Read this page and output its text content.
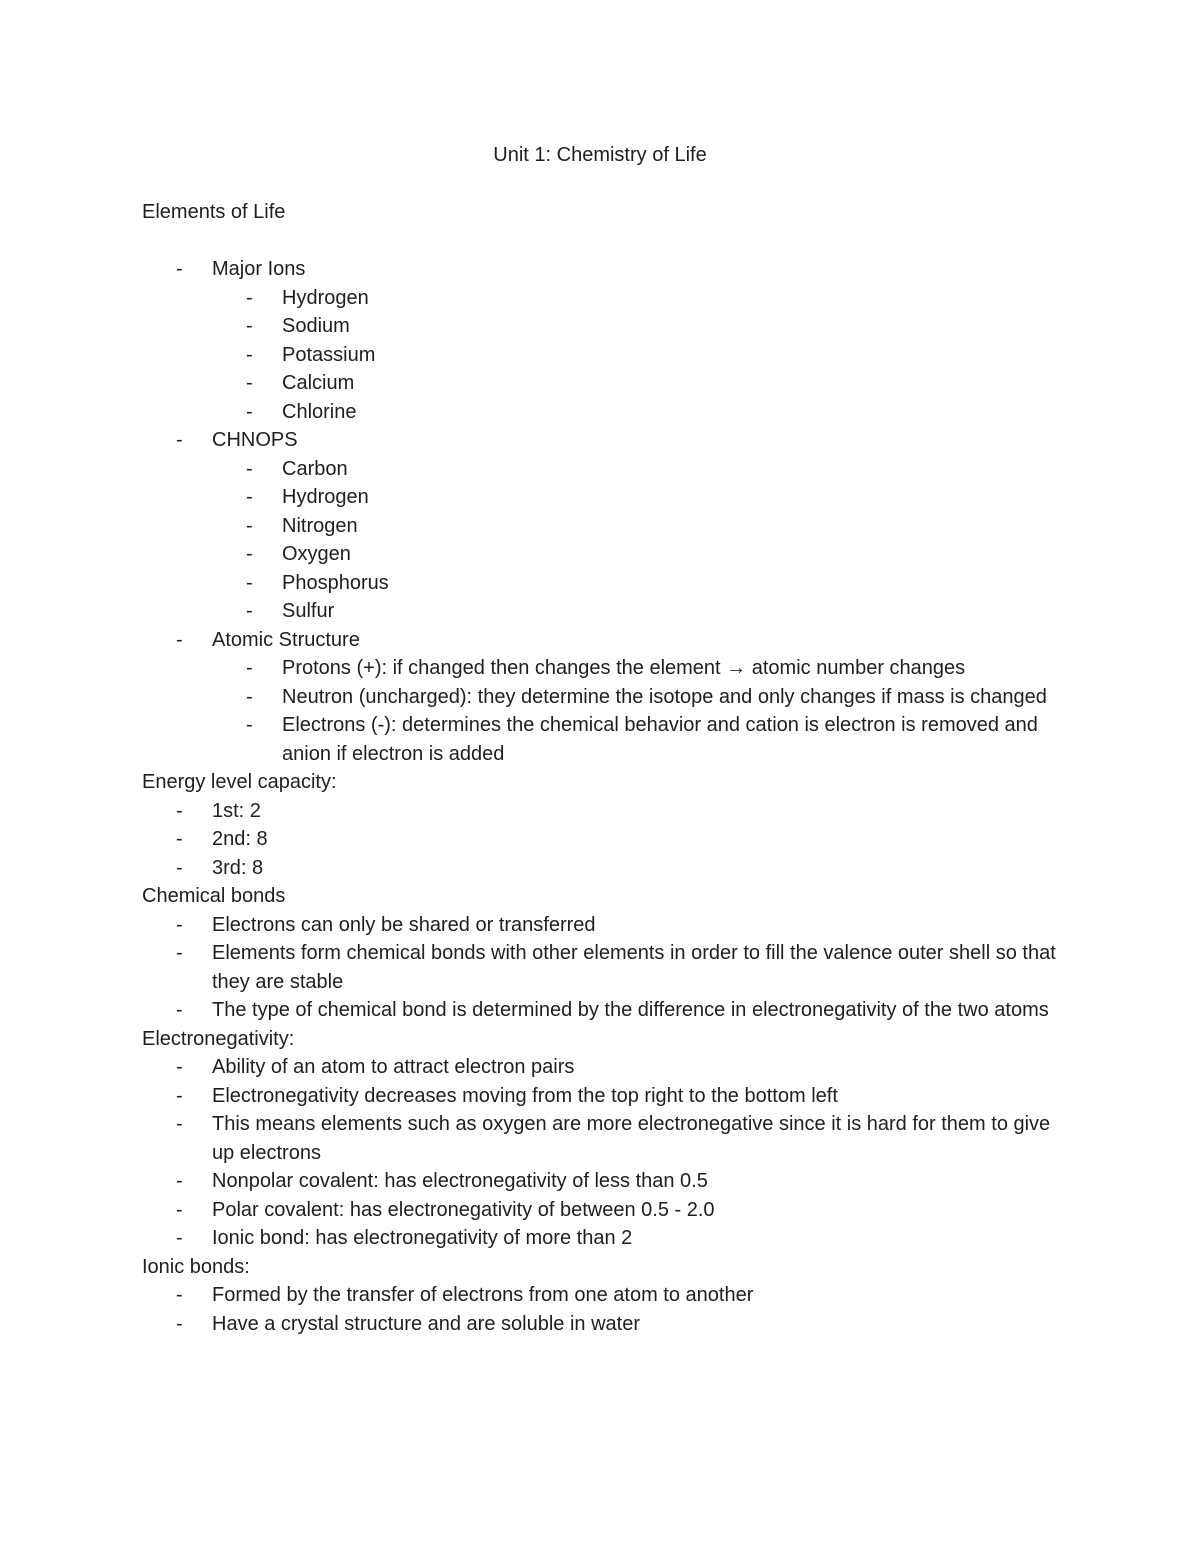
Unit 1: Chemistry of Life

Elements of Life

- Major Ions
- Hydrogen
- Sodium
- Potassium
- Calcium
- Chlorine
- CHNOPS
- Carbon
- Hydrogen
- Nitrogen
- Oxygen
- Phosphorus
- Sulfur
- Atomic Structure
- Protons (+): if changed then changes the element → atomic number changes
- Neutron (uncharged): they determine the isotope and only changes if mass is changed
- Electrons (-): determines the chemical behavior and cation is electron is removed and anion if electron is added

Energy level capacity:

- 1st: 2
- 2nd: 8
- 3rd: 8

Chemical bonds

- Electrons can only be shared or transferred
- Elements form chemical bonds with other elements in order to fill the valence outer shell so that they are stable
- The type of chemical bond is determined by the difference in electronegativity of the two atoms

Electronegativity:

- Ability of an atom to attract electron pairs
- Electronegativity decreases moving from the top right to the bottom left
- This means elements such as oxygen are more electronegative since it is hard for them to give up electrons
- Nonpolar covalent: has electronegativity of less than 0.5
- Polar covalent: has electronegativity of between 0.5 - 2.0
- Ionic bond: has electronegativity of more than 2

Ionic bonds:

- Formed by the transfer of electrons from one atom to another
- Have a crystal structure and are soluble in water
